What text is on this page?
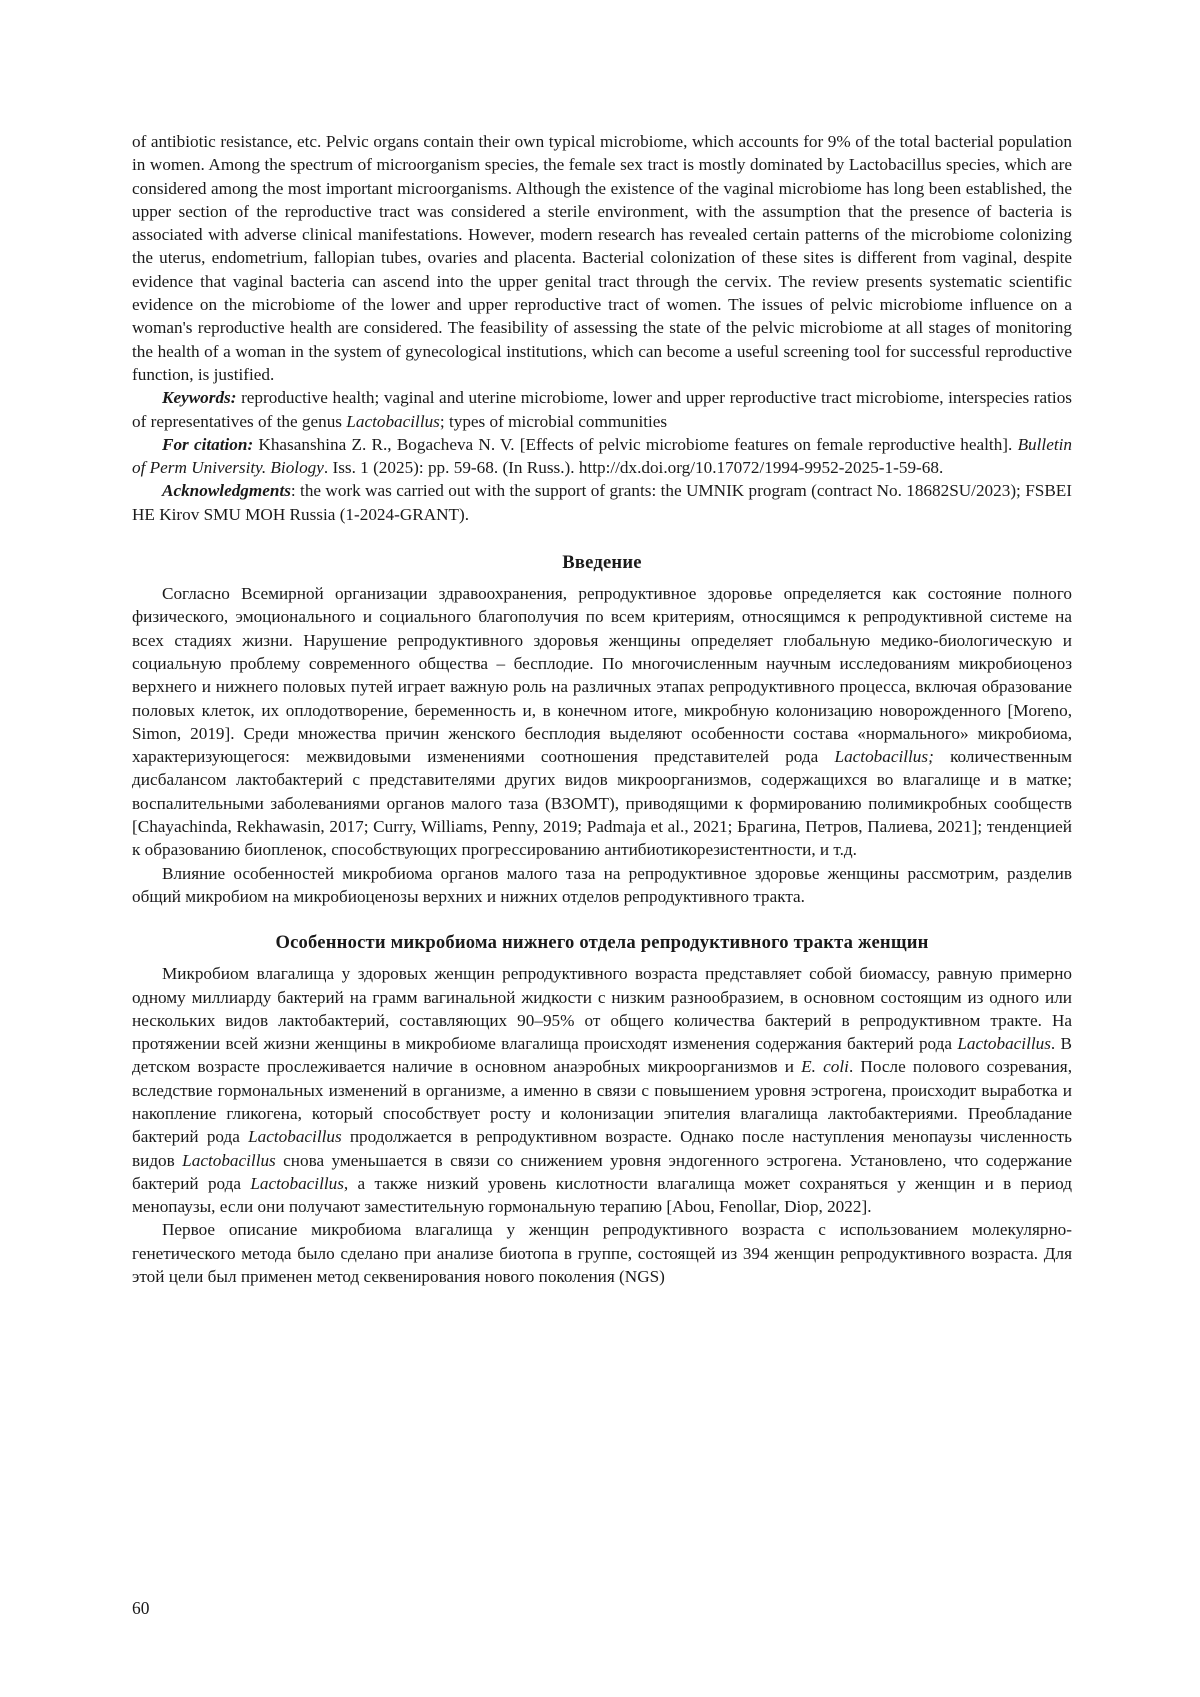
of antibiotic resistance, etc. Pelvic organs contain their own typical microbiome, which accounts for 9% of the total bacterial population in women. Among the spectrum of microorganism species, the female sex tract is mostly dominated by Lactobacillus species, which are considered among the most important microorganisms. Although the existence of the vaginal microbiome has long been established, the upper section of the reproductive tract was considered a sterile environment, with the assumption that the presence of bacteria is associated with adverse clinical manifestations. However, modern research has revealed certain patterns of the microbiome colonizing the uterus, endometrium, fallopian tubes, ovaries and placenta. Bacterial colonization of these sites is different from vaginal, despite evidence that vaginal bacteria can ascend into the upper genital tract through the cervix. The review presents systematic scientific evidence on the microbiome of the lower and upper reproductive tract of women. The issues of pelvic microbiome influence on a woman's reproductive health are considered. The feasibility of assessing the state of the pelvic microbiome at all stages of monitoring the health of a woman in the system of gynecological institutions, which can become a useful screening tool for successful reproductive function, is justified.

Keywords: reproductive health; vaginal and uterine microbiome, lower and upper reproductive tract microbiome, interspecies ratios of representatives of the genus Lactobacillus; types of microbial communities

For citation: Khasanshina Z. R., Bogacheva N. V. [Effects of pelvic microbiome features on female reproductive health]. Bulletin of Perm University. Biology. Iss. 1 (2025): pp. 59-68. (In Russ.). http://dx.doi.org/10.17072/1994-9952-2025-1-59-68.

Acknowledgments: the work was carried out with the support of grants: the UMNIK program (contract No. 18682SU/2023); FSBEI HE Kirov SMU MOH Russia (1-2024-GRANT).

Введение

Согласно Всемирной организации здравоохранения, репродуктивное здоровье определяется как состояние полного физического, эмоционального и социального благополучия по всем критериям, относящимся к репродуктивной системе на всех стадиях жизни. Нарушение репродуктивного здоровья женщины определяет глобальную медико-биологическую и социальную проблему современного общества – бесплодие. По многочисленным научным исследованиям микробиоценоз верхнего и нижнего половых путей играет важную роль на различных этапах репродуктивного процесса, включая образование половых клеток, их оплодотворение, беременность и, в конечном итоге, микробную колонизацию новорожденного [Moreno, Simon, 2019]. Среди множества причин женского бесплодия выделяют особенности состава «нормального» микробиома, характеризующегося: межвидовыми изменениями соотношения представителей рода Lactobacillus; количественным дисбалансом лактобактерий с представителями других видов микроорганизмов, содержащихся во влагалище и в матке; воспалительными заболеваниями органов малого таза (ВЗОМТ), приводящими к формированию полимикробных сообществ [Chayachinda, Rekhawasin, 2017; Curry, Williams, Penny, 2019; Padmaja et al., 2021; Брагина, Петров, Палиева, 2021]; тенденцией к образованию биопленок, способствующих прогрессированию антибиотикорезистентности, и т.д.

Влияние особенностей микробиома органов малого таза на репродуктивное здоровье женщины рассмотрим, разделив общий микробиом на микробиоценозы верхних и нижних отделов репродуктивного тракта.

Особенности микробиома нижнего отдела репродуктивного тракта женщин

Микробиом влагалища у здоровых женщин репродуктивного возраста представляет собой биомассу, равную примерно одному миллиарду бактерий на грамм вагинальной жидкости с низким разнообразием, в основном состоящим из одного или нескольких видов лактобактерий, составляющих 90–95% от общего количества бактерий в репродуктивном тракте. На протяжении всей жизни женщины в микробиоме влагалища происходят изменения содержания бактерий рода Lactobacillus. В детском возрасте прослеживается наличие в основном анаэробных микроорганизмов и E. coli. После полового созревания, вследствие гормональных изменений в организме, а именно в связи с повышением уровня эстрогена, происходит выработка и накопление гликогена, который способствует росту и колонизации эпителия влагалища лактобактериями. Преобладание бактерий рода Lactobacillus продолжается в репродуктивном возрасте. Однако после наступления менопаузы численность видов Lactobacillus снова уменьшается в связи со снижением уровня эндогенного эстрогена. Установлено, что содержание бактерий рода Lactobacillus, а также низкий уровень кислотности влагалища может сохраняться у женщин и в период менопаузы, если они получают заместительную гормональную терапию [Abou, Fenollar, Diop, 2022].

Первое описание микробиома влагалища у женщин репродуктивного возраста с использованием молекулярно-генетического метода было сделано при анализе биотопа в группе, состоящей из 394 женщин репродуктивного возраста. Для этой цели был применен метод секвенирования нового поколения (NGS)

60
